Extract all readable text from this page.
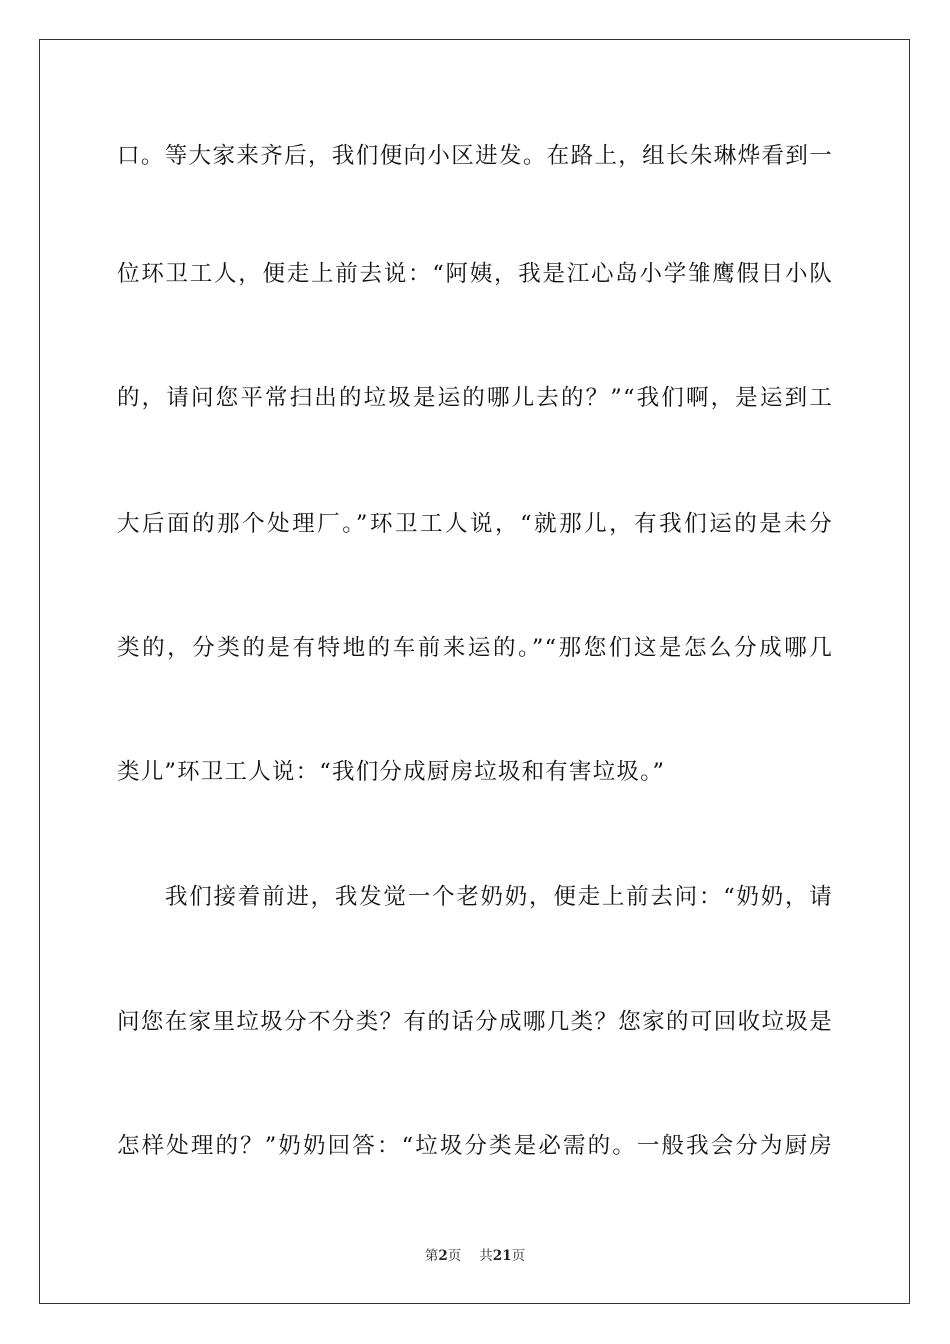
口。等大家来齐后，我们便向小区进发。在路上，组长朱琳烨看到一
位环卫工人，便走上前去说：“阿姨，我是江心岛小学雏鹰假日小队
的，请问您平常扫出的垃圾是运的哪儿去的？”“我们啊，是运到工
大后面的那个处理厂。”环卫工人说，“就那儿，有我们运的是未分
类的，分类的是有特地的车前来运的。”“那您们这是怎么分成哪几
类儿”环卫工人说：“我们分成厨房垃圾和有害垃圾。”
我们接着前进，我发觉一个老奶奶，便走上前去问：“奶奶，请
问您在家里垃圾分不分类？有的话分成哪几类？您家的可回收垃圾是
怎样处理的？”奶奶回答：“垃圾分类是必需的。一般我会分为厨房
第2页 共21页
